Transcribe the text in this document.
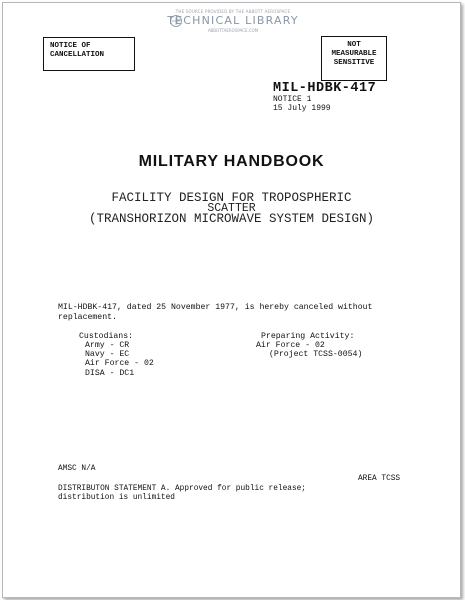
THE SOURCE PROVIDED BY THE ABBOTT AEROSPACE
TECHNICAL LIBRARY
ABBOTTAEROSPACE.COM
NOTICE OF
CANCELLATION
NOT
MEASURABLE
SENSITIVE
MIL-HDBK-417
NOTICE 1
15 July 1999
MILITARY HANDBOOK
FACILITY DESIGN FOR TROPOSPHERIC
SCATTER
(TRANSHORIZON MICROWAVE SYSTEM DESIGN)
MIL-HDBK-417, dated 25 November 1977, is hereby canceled without
replacement.
Custodians:
Army - CR
Navy - EC
Air Force - 02
DISA - DC1
Preparing Activity:
Air Force - 02
(Project TCSS-0054)
AMSC N/A
AREA TCSS
DISTRIBUTON STATEMENT A. Approved for public release;
distribution is unlimited
